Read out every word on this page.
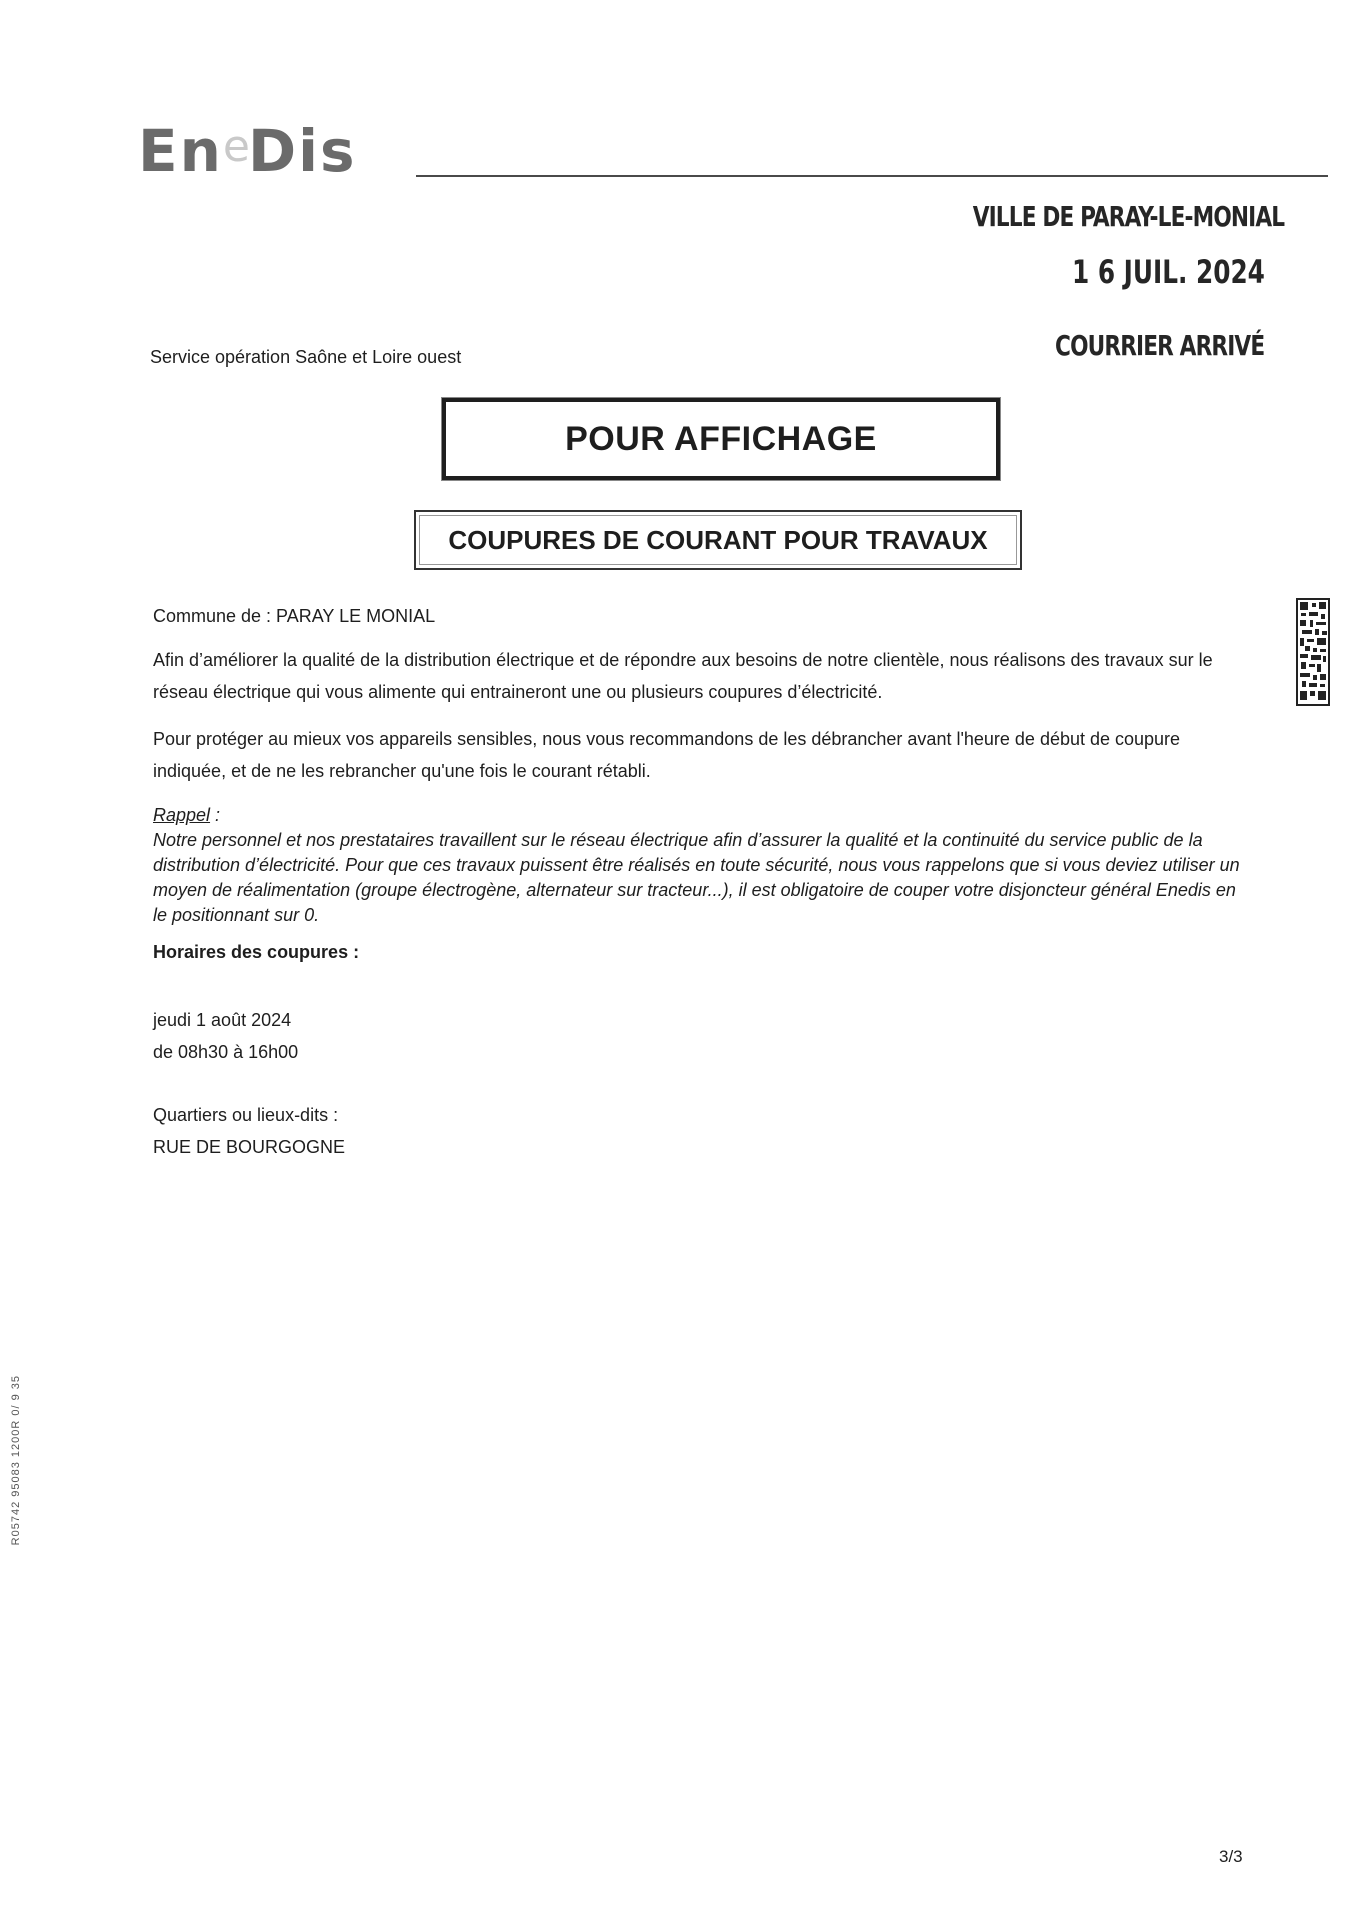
EneDis
VILLE DE PARAY-LE-MONIAL
1 6 JUIL. 2024
COURRIER ARRIVÉ
Service opération Saône et Loire ouest
POUR AFFICHAGE
COUPURES DE COURANT POUR TRAVAUX
Commune de : PARAY LE MONIAL
Afin d’améliorer la qualité de la distribution électrique et de répondre aux besoins de notre clientèle, nous réalisons des travaux sur le réseau électrique qui vous alimente qui entraineront une ou plusieurs coupures d’électricité.
Pour protéger au mieux vos appareils sensibles, nous vous recommandons de les débrancher avant l'heure de début de coupure indiquée, et de ne les rebrancher qu'une fois le courant rétabli.
Rappel :
Notre personnel et nos prestataires travaillent sur le réseau électrique afin d’assurer la qualité et la continuité du service public de la distribution d’électricité. Pour que ces travaux puissent être réalisés en toute sécurité, nous vous rappelons que si vous deviez utiliser un moyen de réalimentation (groupe électrogène, alternateur sur tracteur...), il est obligatoire de couper votre disjoncteur général Enedis en le positionnant sur 0.
Horaires des coupures :
jeudi 1 août 2024
de 08h30 à 16h00
Quartiers ou lieux-dits :
RUE DE BOURGOGNE
R05742 95083 1200R 0/ 9 35
3/3
